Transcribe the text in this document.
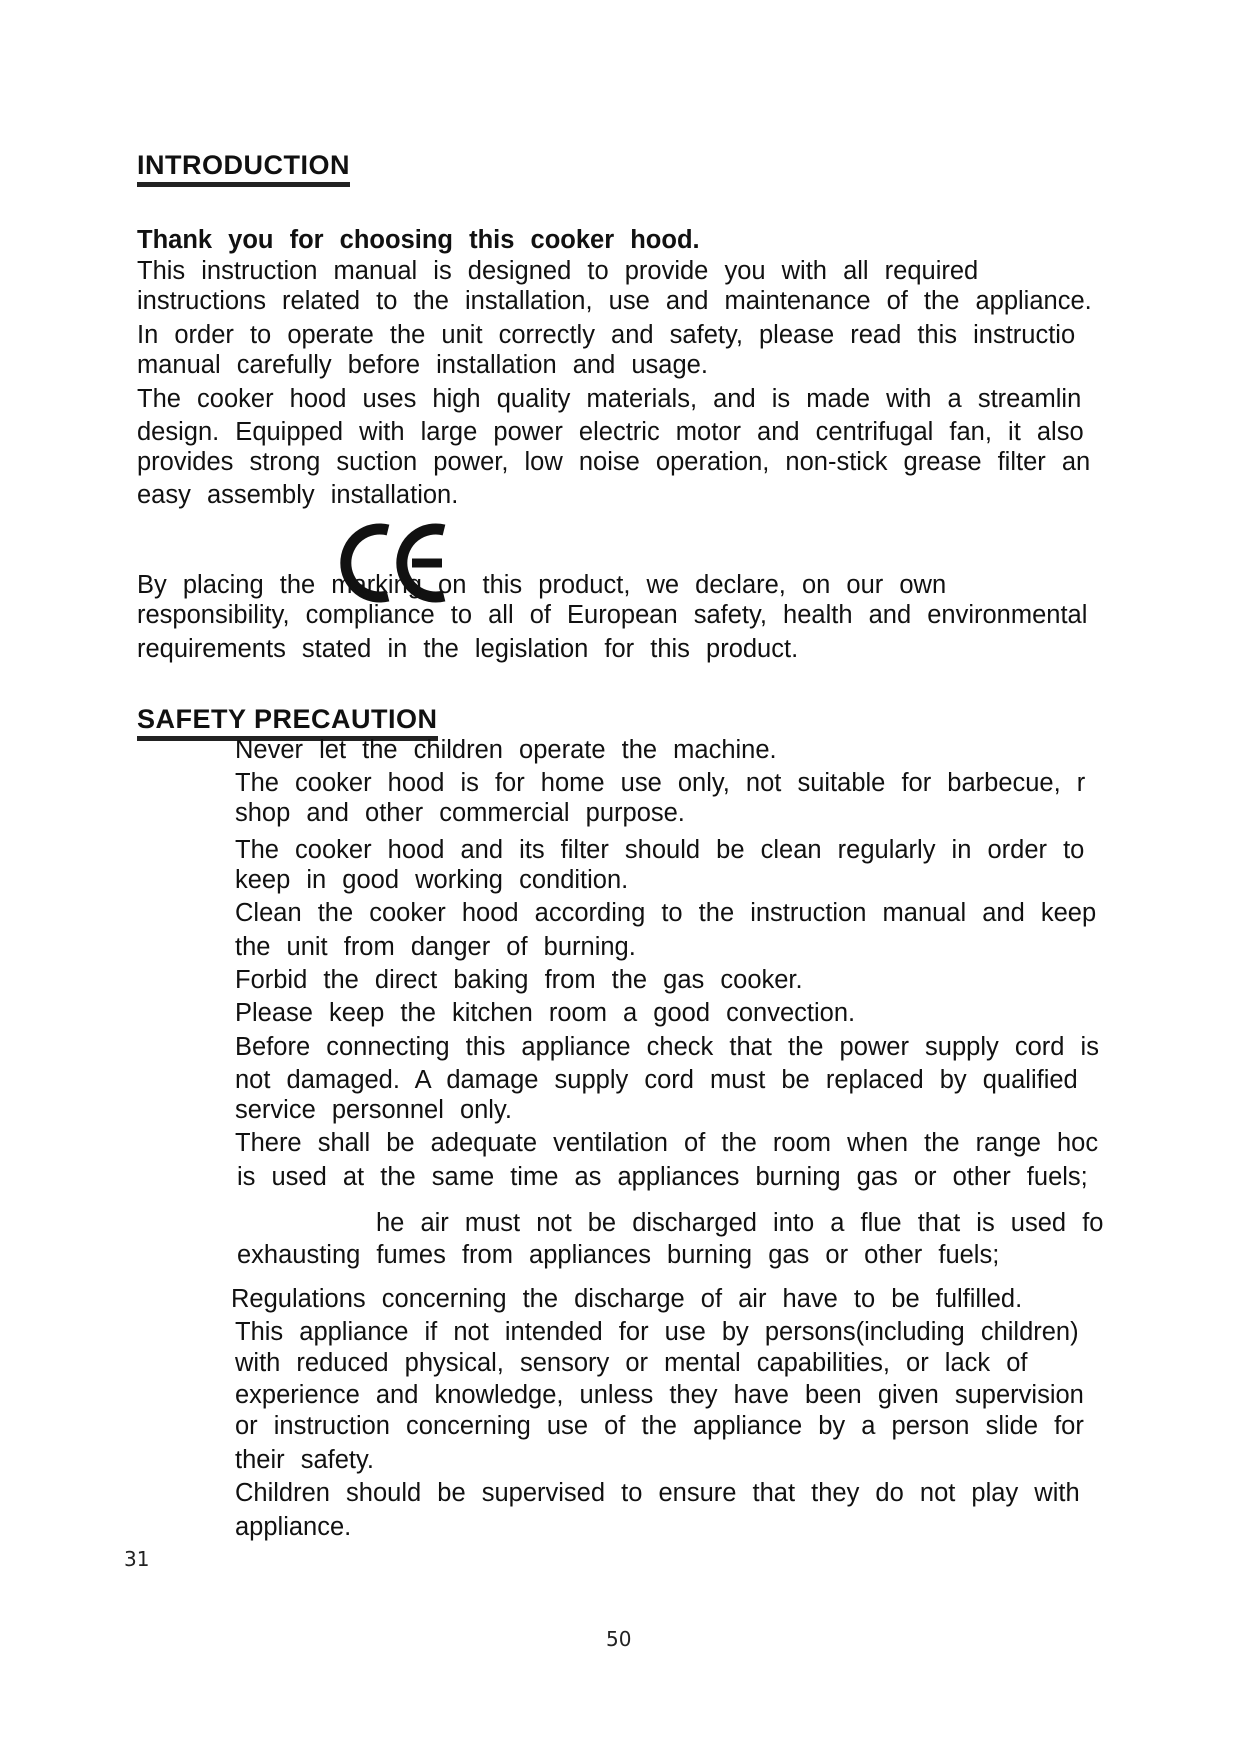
INTRODUCTION
Thank you for choosing this cooker hood.
This instruction manual is designed to provide you with all required
instructions related to the installation, use and maintenance of the appliance.
In order to operate the unit correctly and safety, please read this instructio
manual carefully before installation and usage.
The cooker hood uses high quality materials, and is made with a streamlin
design. Equipped with large power electric motor and centrifugal fan, it also
provides strong suction power, low noise operation, non-stick grease filter an
easy assembly installation.
By placing the marking on this product, we declare, on our own
responsibility, compliance to all of European safety, health and environmental
requirements stated in the legislation for this product.
SAFETY PRECAUTION
Never let the children operate the machine.
The cooker hood is for home use only, not suitable for barbecue, r
shop and other commercial purpose.
The cooker hood and its filter should be clean regularly in order to
keep in good working condition.
Clean the cooker hood according to the instruction manual and keep
the unit from danger of burning.
Forbid the direct baking from the gas cooker.
Please keep the kitchen room a good convection.
Before connecting this appliance check that the power supply cord is
not damaged. A damage supply cord must be replaced by qualified
service personnel only.
There shall be adequate ventilation of the room when the range hoc
is used at the same time as appliances burning gas or other fuels;
he air must not be discharged into a flue that is used fo
exhausting fumes from appliances burning gas or other fuels;
Regulations concerning the discharge of air have to be fulfilled.
This appliance if not intended for use by persons(including children)
with reduced physical, sensory or mental capabilities, or lack of
experience and knowledge, unless they have been given supervision
or instruction concerning use of the appliance by a person slide for
their safety.
Children should be supervised to ensure that they do not play with
appliance.
31
50
